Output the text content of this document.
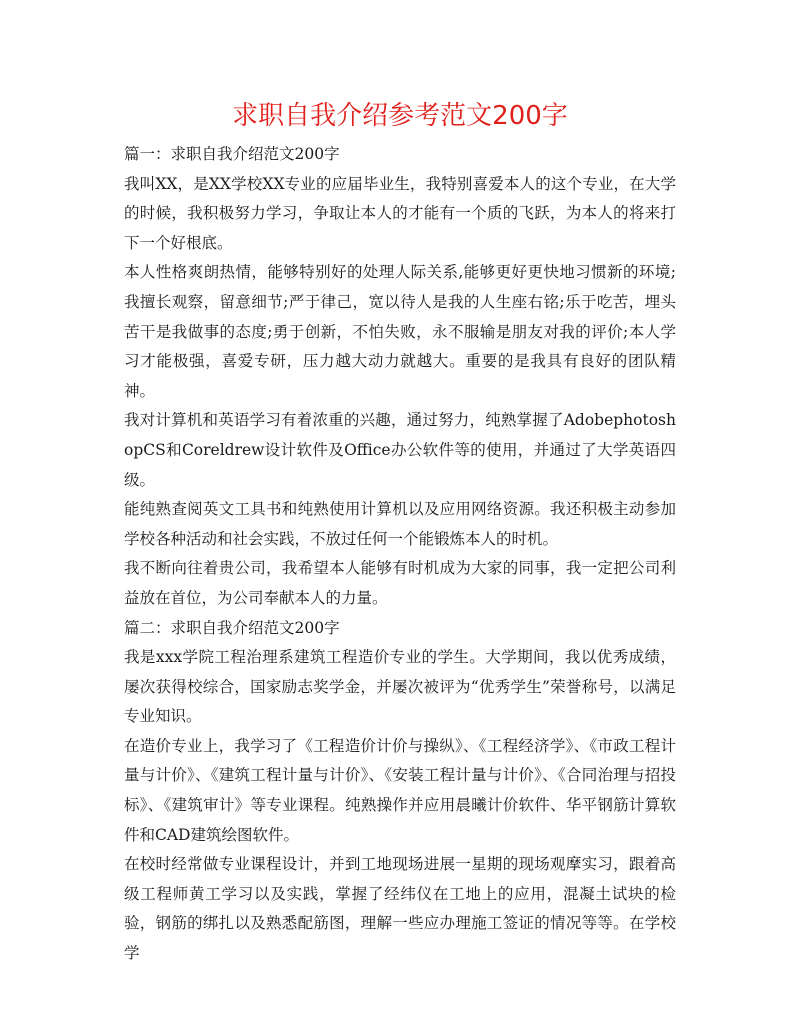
求职自我介绍参考范文200字

篇一：求职自我介绍范文200字

我叫XX，是XX学校XX专业的应届毕业生，我特别喜爱本人的这个专业，在大学的时候，我积极努力学习，争取让本人的才能有一个质的飞跃，为本人的将来打下一个好根底。

本人性格爽朗热情，能够特别好的处理人际关系,能够更好更快地习惯新的环境;我擅长观察，留意细节;严于律己，宽以待人是我的人生座右铭;乐于吃苦，埋头苦干是我做事的态度;勇于创新，不怕失败，永不服输是朋友对我的评价;本人学习才能极强，喜爱专研，压力越大动力就越大。重要的是我具有良好的团队精神。

我对计算机和英语学习有着浓重的兴趣，通过努力，纯熟掌握了AdobephotoshopCS和Coreldrew设计软件及Office办公软件等的使用，并通过了大学英语四级。

能纯熟查阅英文工具书和纯熟使用计算机以及应用网络资源。我还积极主动参加学校各种活动和社会实践，不放过任何一个能锻炼本人的时机。

我不断向往着贵公司，我希望本人能够有时机成为大家的同事，我一定把公司利益放在首位，为公司奉献本人的力量。

篇二：求职自我介绍范文200字

我是xxx学院工程治理系建筑工程造价专业的学生。大学期间，我以优秀成绩，屡次获得校综合，国家励志奖学金，并屡次被评为“优秀学生”荣誉称号，以满足专业知识。

在造价专业上，我学习了《工程造价计价与操纵》、《工程经济学》、《市政工程计量与计价》、《建筑工程计量与计价》、《安装工程计量与计价》、《合同治理与招投标》、《建筑审计》等专业课程。纯熟操作并应用晨曦计价软件、华平钢筋计算软件和CAD建筑绘图软件。

在校时经常做专业课程设计，并到工地现场进展一星期的现场观摩实习，跟着高级工程师黄工学习以及实践，掌握了经纬仪在工地上的应用，混凝土试块的检验，钢筋的绑扎以及熟悉配筋图，理解一些应办理施工签证的情况等等。在学校学
